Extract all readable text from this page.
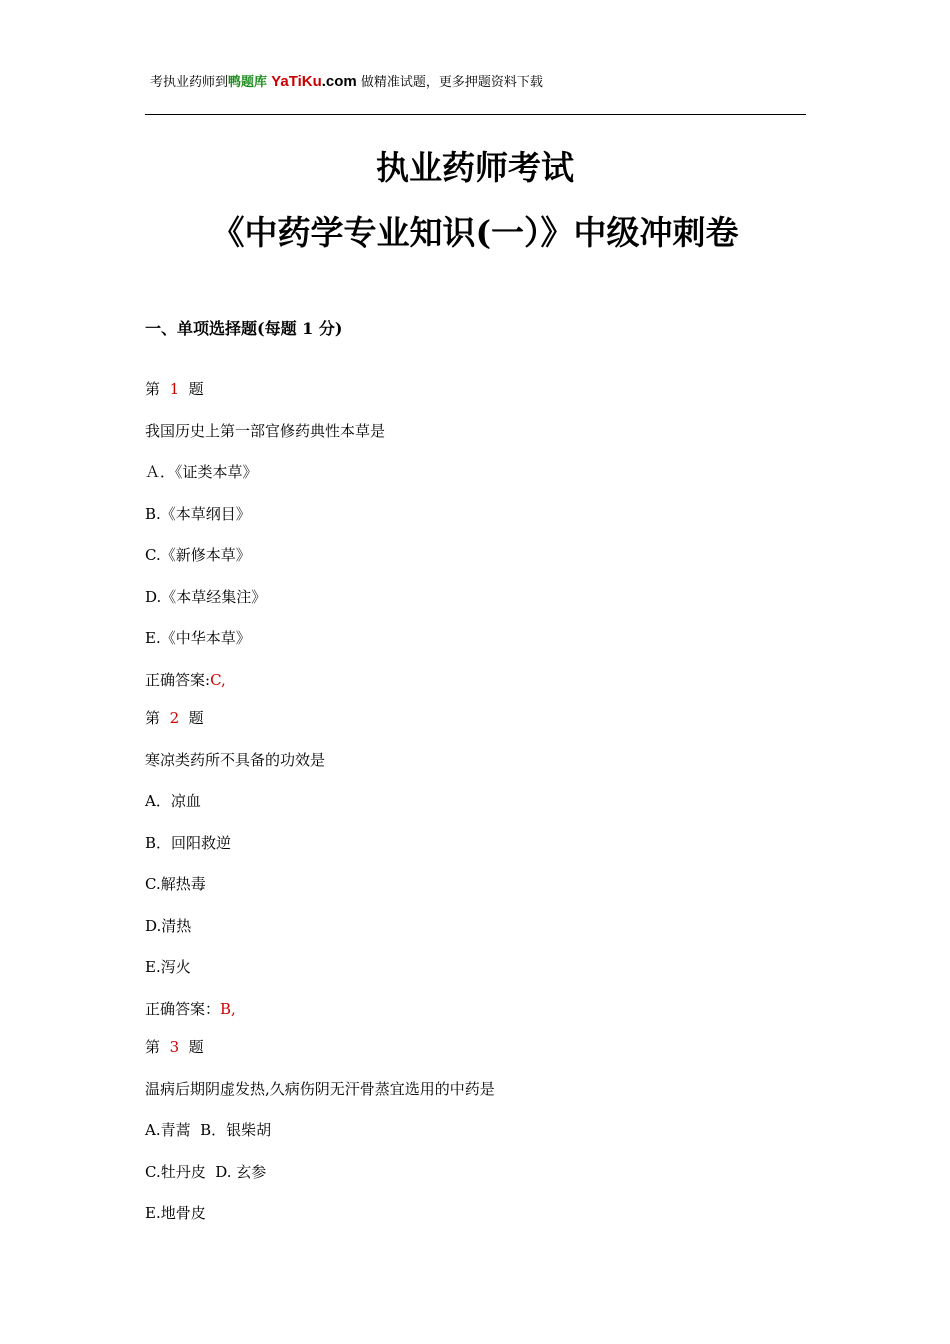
考执业药师到鸭题库 YaTiKu.com 做精准试题，更多押题资料下载
执业药师考试
《中药学专业知识(一）》中级冲刺卷
一、单项选择题(每题 1 分)
第 1 题
我国历史上第一部官修药典性本草是
Ａ．《证类本草》
B.《本草纲目》
C.《新修本草》
D.《本草经集注》
E.《中华本草》
正确答案:C,
第 2 题
寒凉类药所不具备的功效是
A．凉血
B．回阳救逆
C.解热毒
D.清热
E.泻火
正确答案：B,
第 3 题
温病后期阴虚发热,久病伤阴无汗骨蒸宜选用的中药是
A.青蒿  B．银柴胡
C.牡丹皮  D. 玄参
E.地骨皮
